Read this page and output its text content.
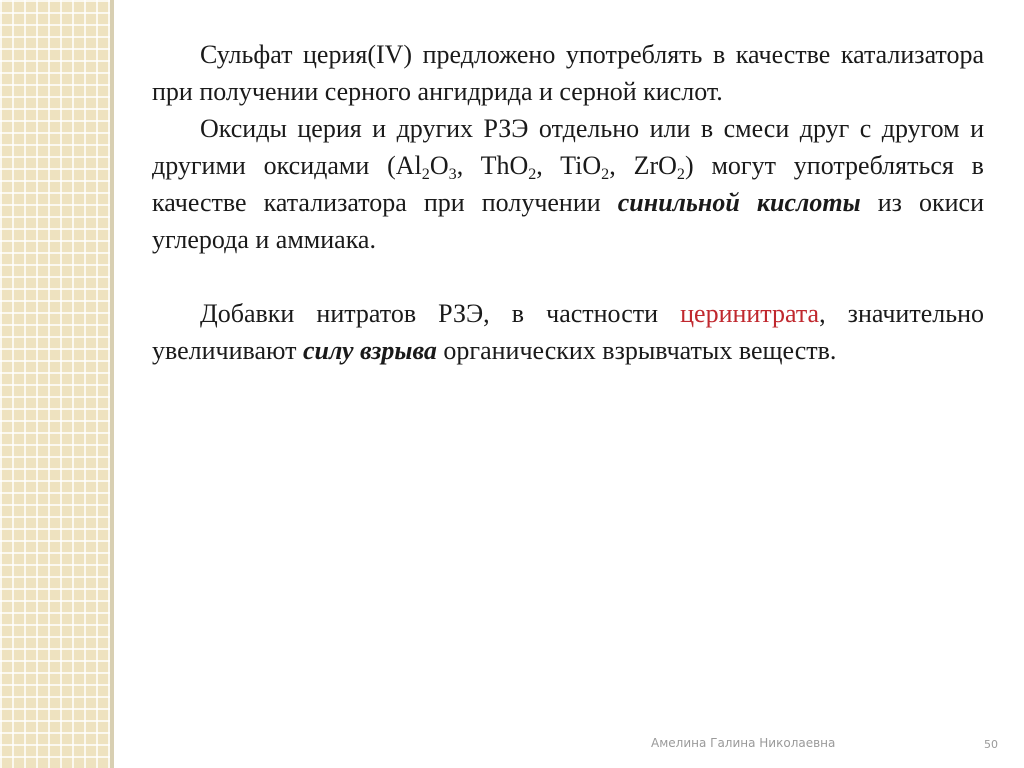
Сульфат церия(IV) предложено употреблять в качестве катализатора при получении серного ангидрида и серной кислот.

Оксиды церия и других РЗЭ отдельно или в смеси друг с другом и другими оксидами ($Al_2O_3$, ThO$_2$, TiO$_2$, ZrO$_2$) могут употребляться в качестве катализатора при получении синильной кислоты из окиси углерода и аммиака.

Добавки нитратов РЗЭ, в частности церинитрата, значительно увеличивают силу взрыва органических взрывчатых веществ.

Амелина Галина Николаевна	50
